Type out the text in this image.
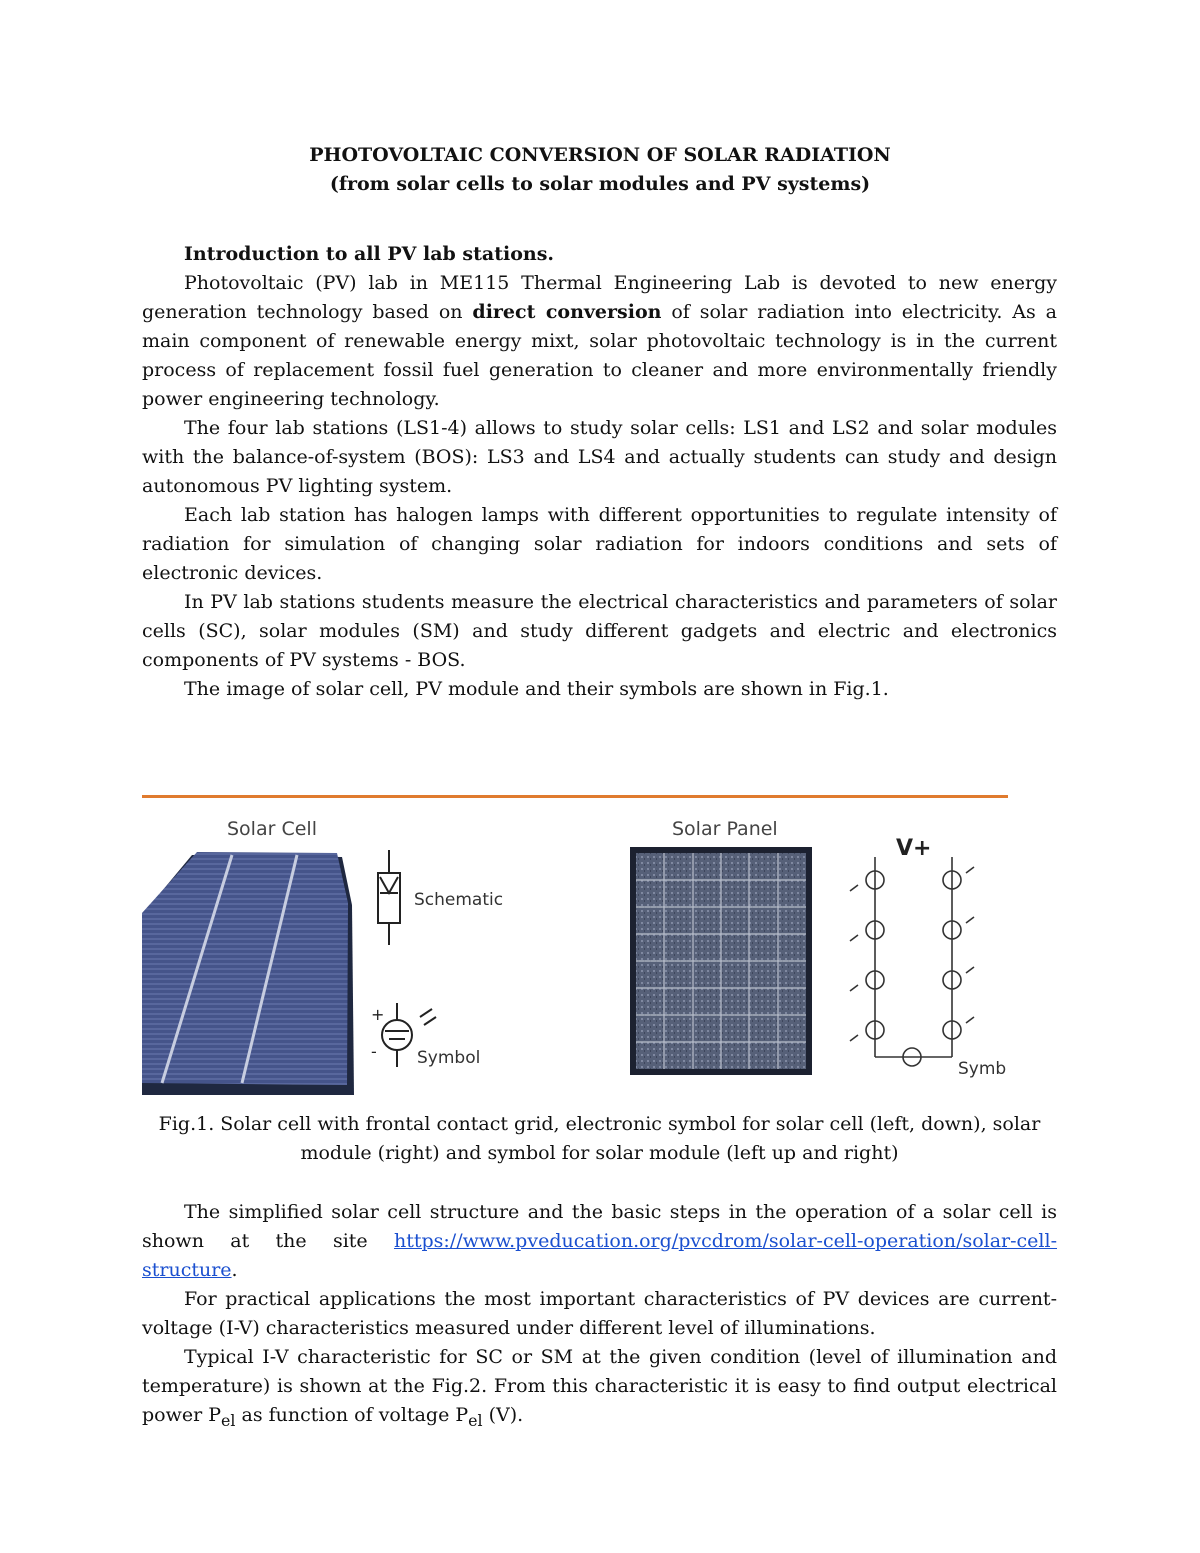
PHOTOVOLTAIC CONVERSION OF SOLAR RADIATION
(from solar cells to solar modules and PV systems)

Introduction to all PV lab stations.

Photovoltaic (PV) lab in ME115 Thermal Engineering Lab is devoted to new energy generation technology based on direct conversion of solar radiation into electricity. As a main component of renewable energy mixt, solar photovoltaic technology is in the current process of replacement fossil fuel generation to cleaner and more environmentally friendly power engineering technology.

The four lab stations (LS1-4) allows to study solar cells: LS1 and LS2 and solar modules with the balance-of-system (BOS): LS3 and LS4 and actually students can study and design autonomous PV lighting system.

Each lab station has halogen lamps with different opportunities to regulate intensity of radiation for simulation of changing solar radiation for indoors conditions and sets of electronic devices.

In PV lab stations students measure the electrical characteristics and parameters of solar cells (SC), solar modules (SM) and study different gadgets and electric and electronics components of PV systems - BOS.

The image of solar cell, PV module and their symbols are shown in Fig.1.

Solar Cell
Schematic
+
- Symbol
Solar Panel
V+
Symb
Fig.1. Solar cell with frontal contact grid, electronic symbol for solar cell (left, down), solar
module (right) and symbol for solar module (left up and right)

The simplified solar cell structure and the basic steps in the operation of a solar cell is shown at the site https://www.pveducation.org/pvcdrom/solar-cell-operation/solar-cell-structure.

For practical applications the most important characteristics of PV devices are current-voltage (I-V) characteristics measured under different level of illuminations.

Typical I-V characteristic for SC or SM at the given condition (level of illumination and temperature) is shown at the Fig.2. From this characteristic it is easy to find output electrical power $P_{el}$ as function of voltage $P_{el}$ (V).
